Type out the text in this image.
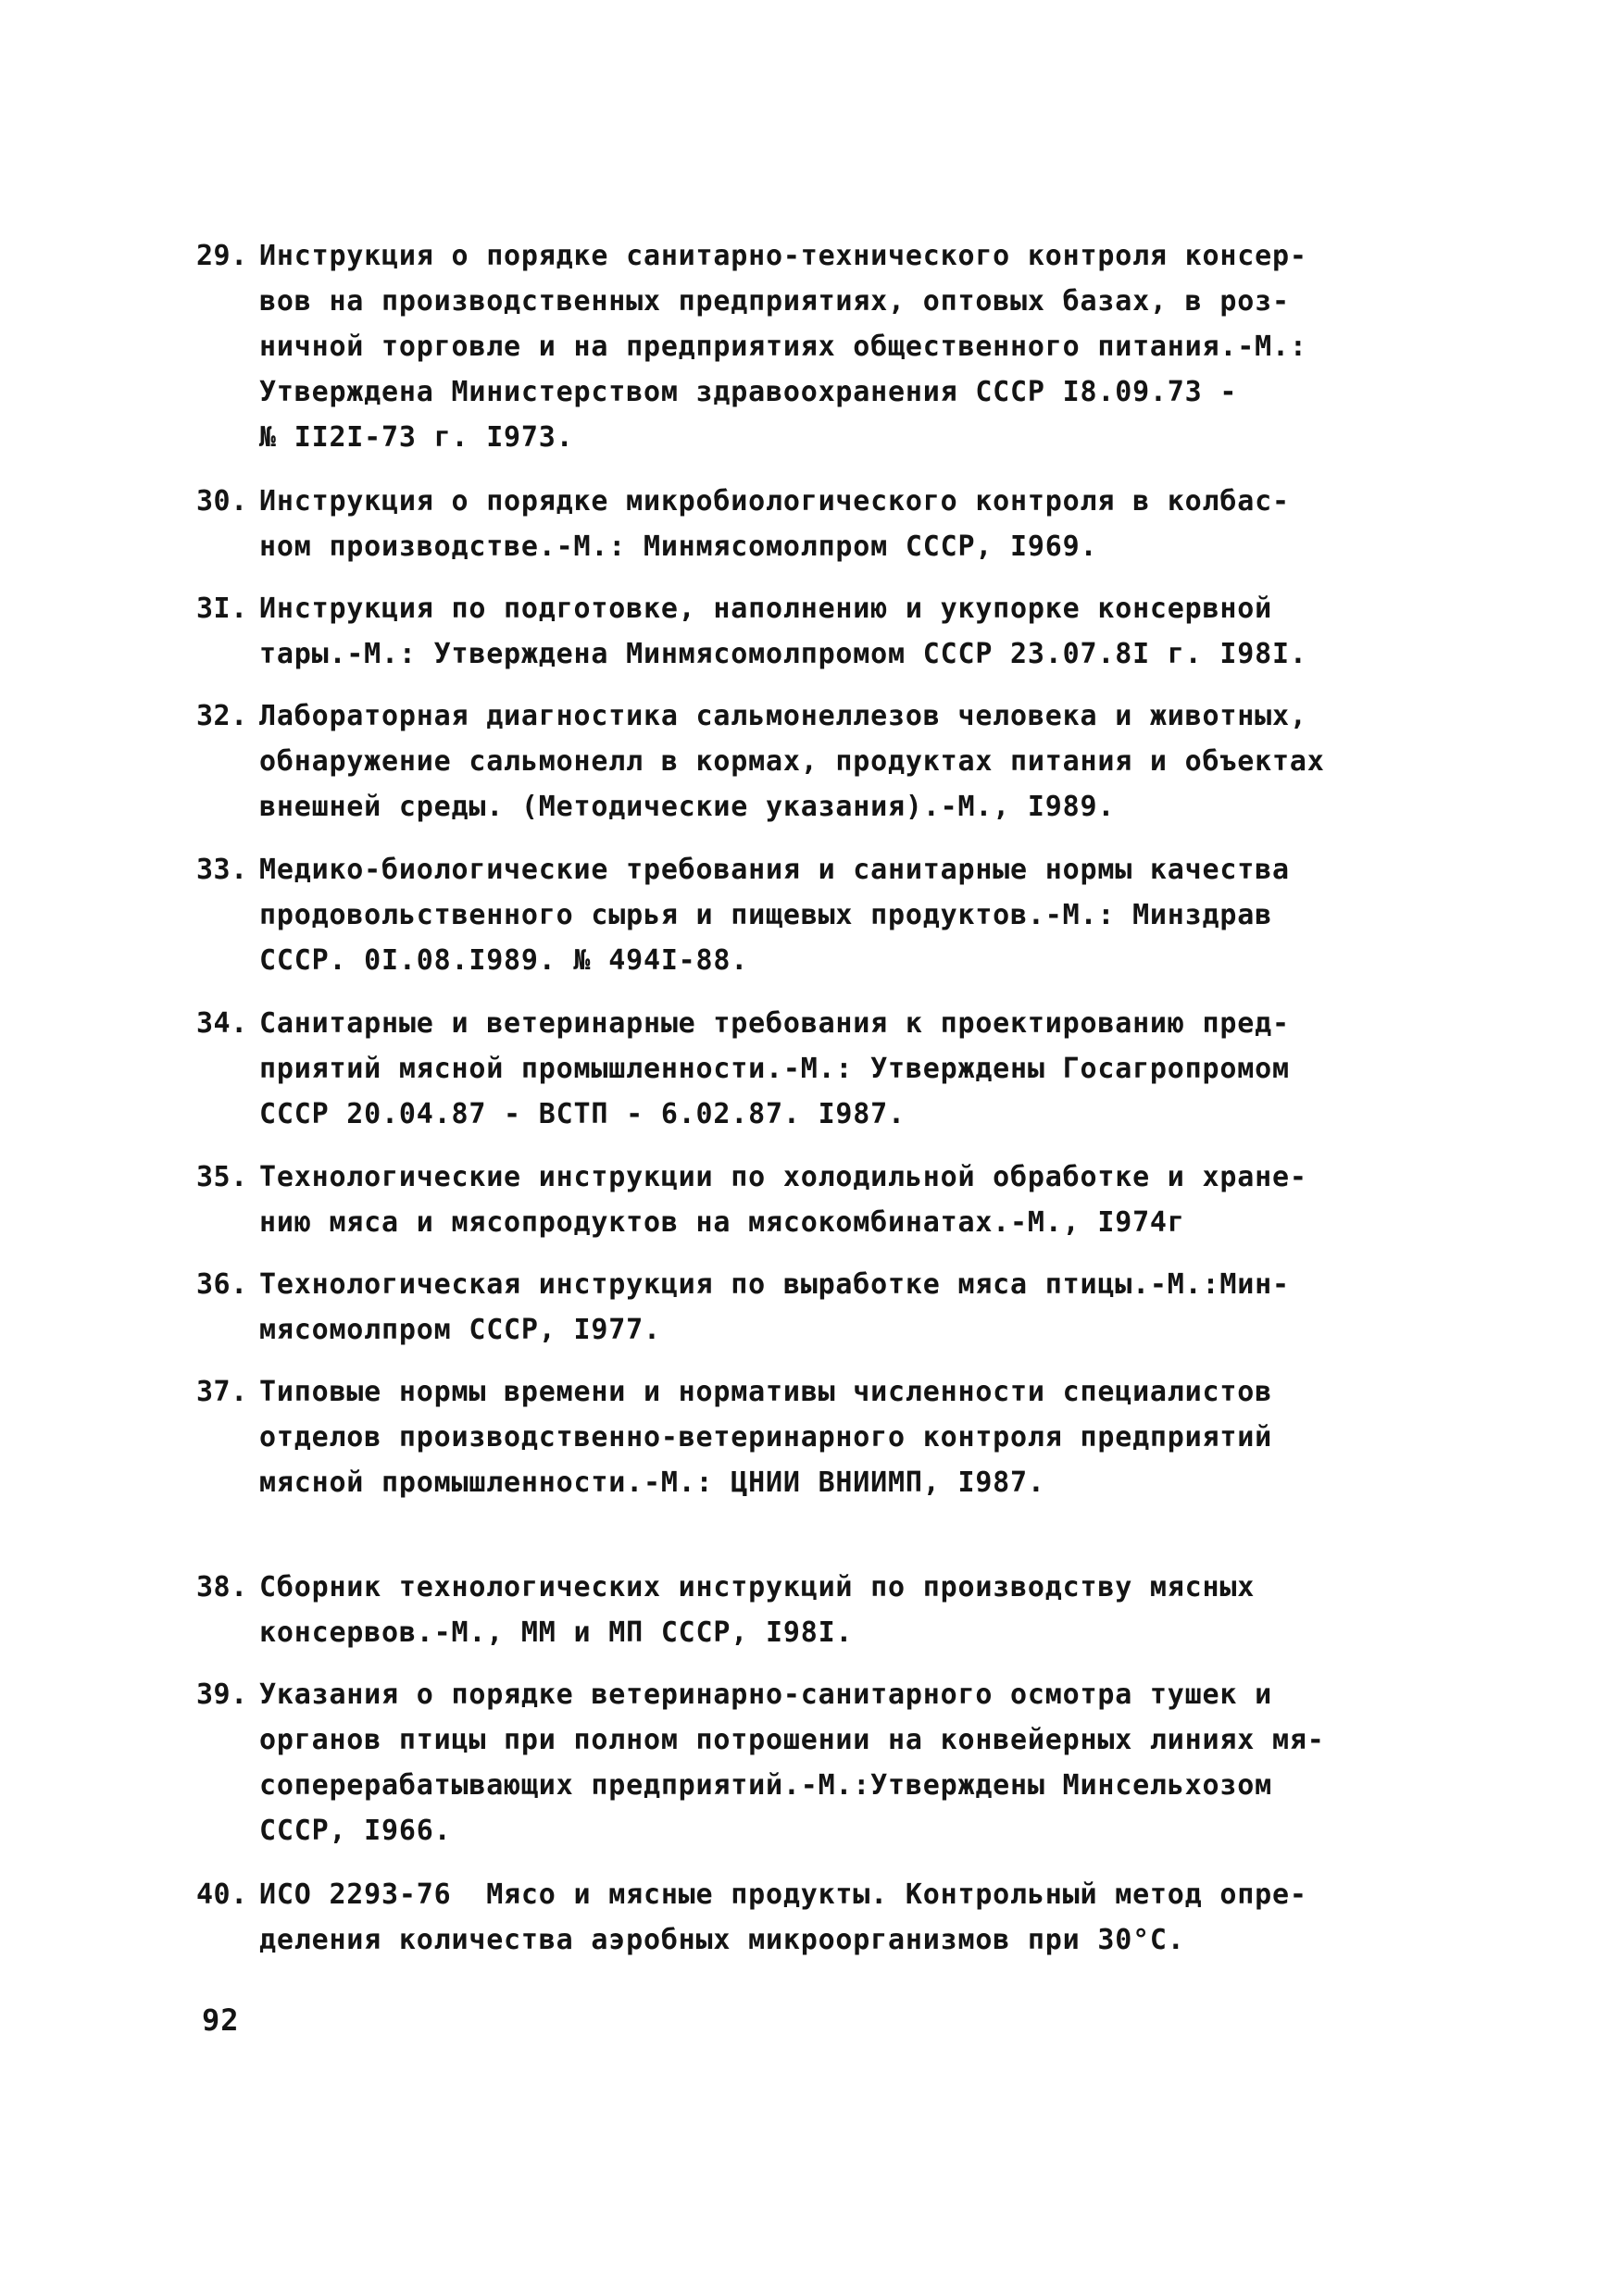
29. Инструкция о порядке санитарно-технического контроля консер-
вов на производственных предприятиях, оптовых базах, в роз-
ничной торговле и на предприятиях общественного питания.-М.:
Утверждена Министерством здравоохранения СССР I8.09.73 -
№ II2I-73 г. I973.
30. Инструкция о порядке микробиологического контроля в колбас-
ном производстве.-М.: Минмясомолпром СССР, I969.
3I. Инструкция по подготовке, наполнению и укупорке консервной
тары.-М.: Утверждена Минмясомолпромом СССР 23.07.8I г. I98I.
32. Лабораторная диагностика сальмонеллезов человека и животных,
обнаружение сальмонелл в кормах, продуктах питания и объектах
внешней среды. (Методические указания).-М., I989.
33. Медико-биологические требования и санитарные нормы качества
продовольственного сырья и пищевых продуктов.-М.: Минздрав
СССР. 0I.08.I989. № 494I-88.
34. Санитарные и ветеринарные требования к проектированию пред-
приятий мясной промышленности.-М.: Утверждены Госагропромом
СССР 20.04.87 - ВСТП - 6.02.87. I987.
35. Технологические инструкции по холодильной обработке и хране-
нию мяса и мясопродуктов на мясокомбинатах.-М., I974г
36. Технологическая инструкция по выработке мяса птицы.-М.:Мин-
мясомолпром СССР, I977.
37. Типовые нормы времени и нормативы численности специалистов
отделов производственно-ветеринарного контроля предприятий
мясной промышленности.-М.: ЦНИИ ВНИИМП, I987.
38. Сборник технологических инструкций по производству мясных
консервов.-М., ММ и МП СССР, I98I.
39. Указания о порядке ветеринарно-санитарного осмотра тушек и
органов птицы при полном потрошении на конвейерных линиях мя-
соперерабатывающих предприятий.-М.:Утверждены Минсельхозом
СССР, I966.
40. ИСО 2293-76  Мясо и мясные продукты. Контрольный метод опре-
деления количества аэробных микроорганизмов при 30°С.
92
